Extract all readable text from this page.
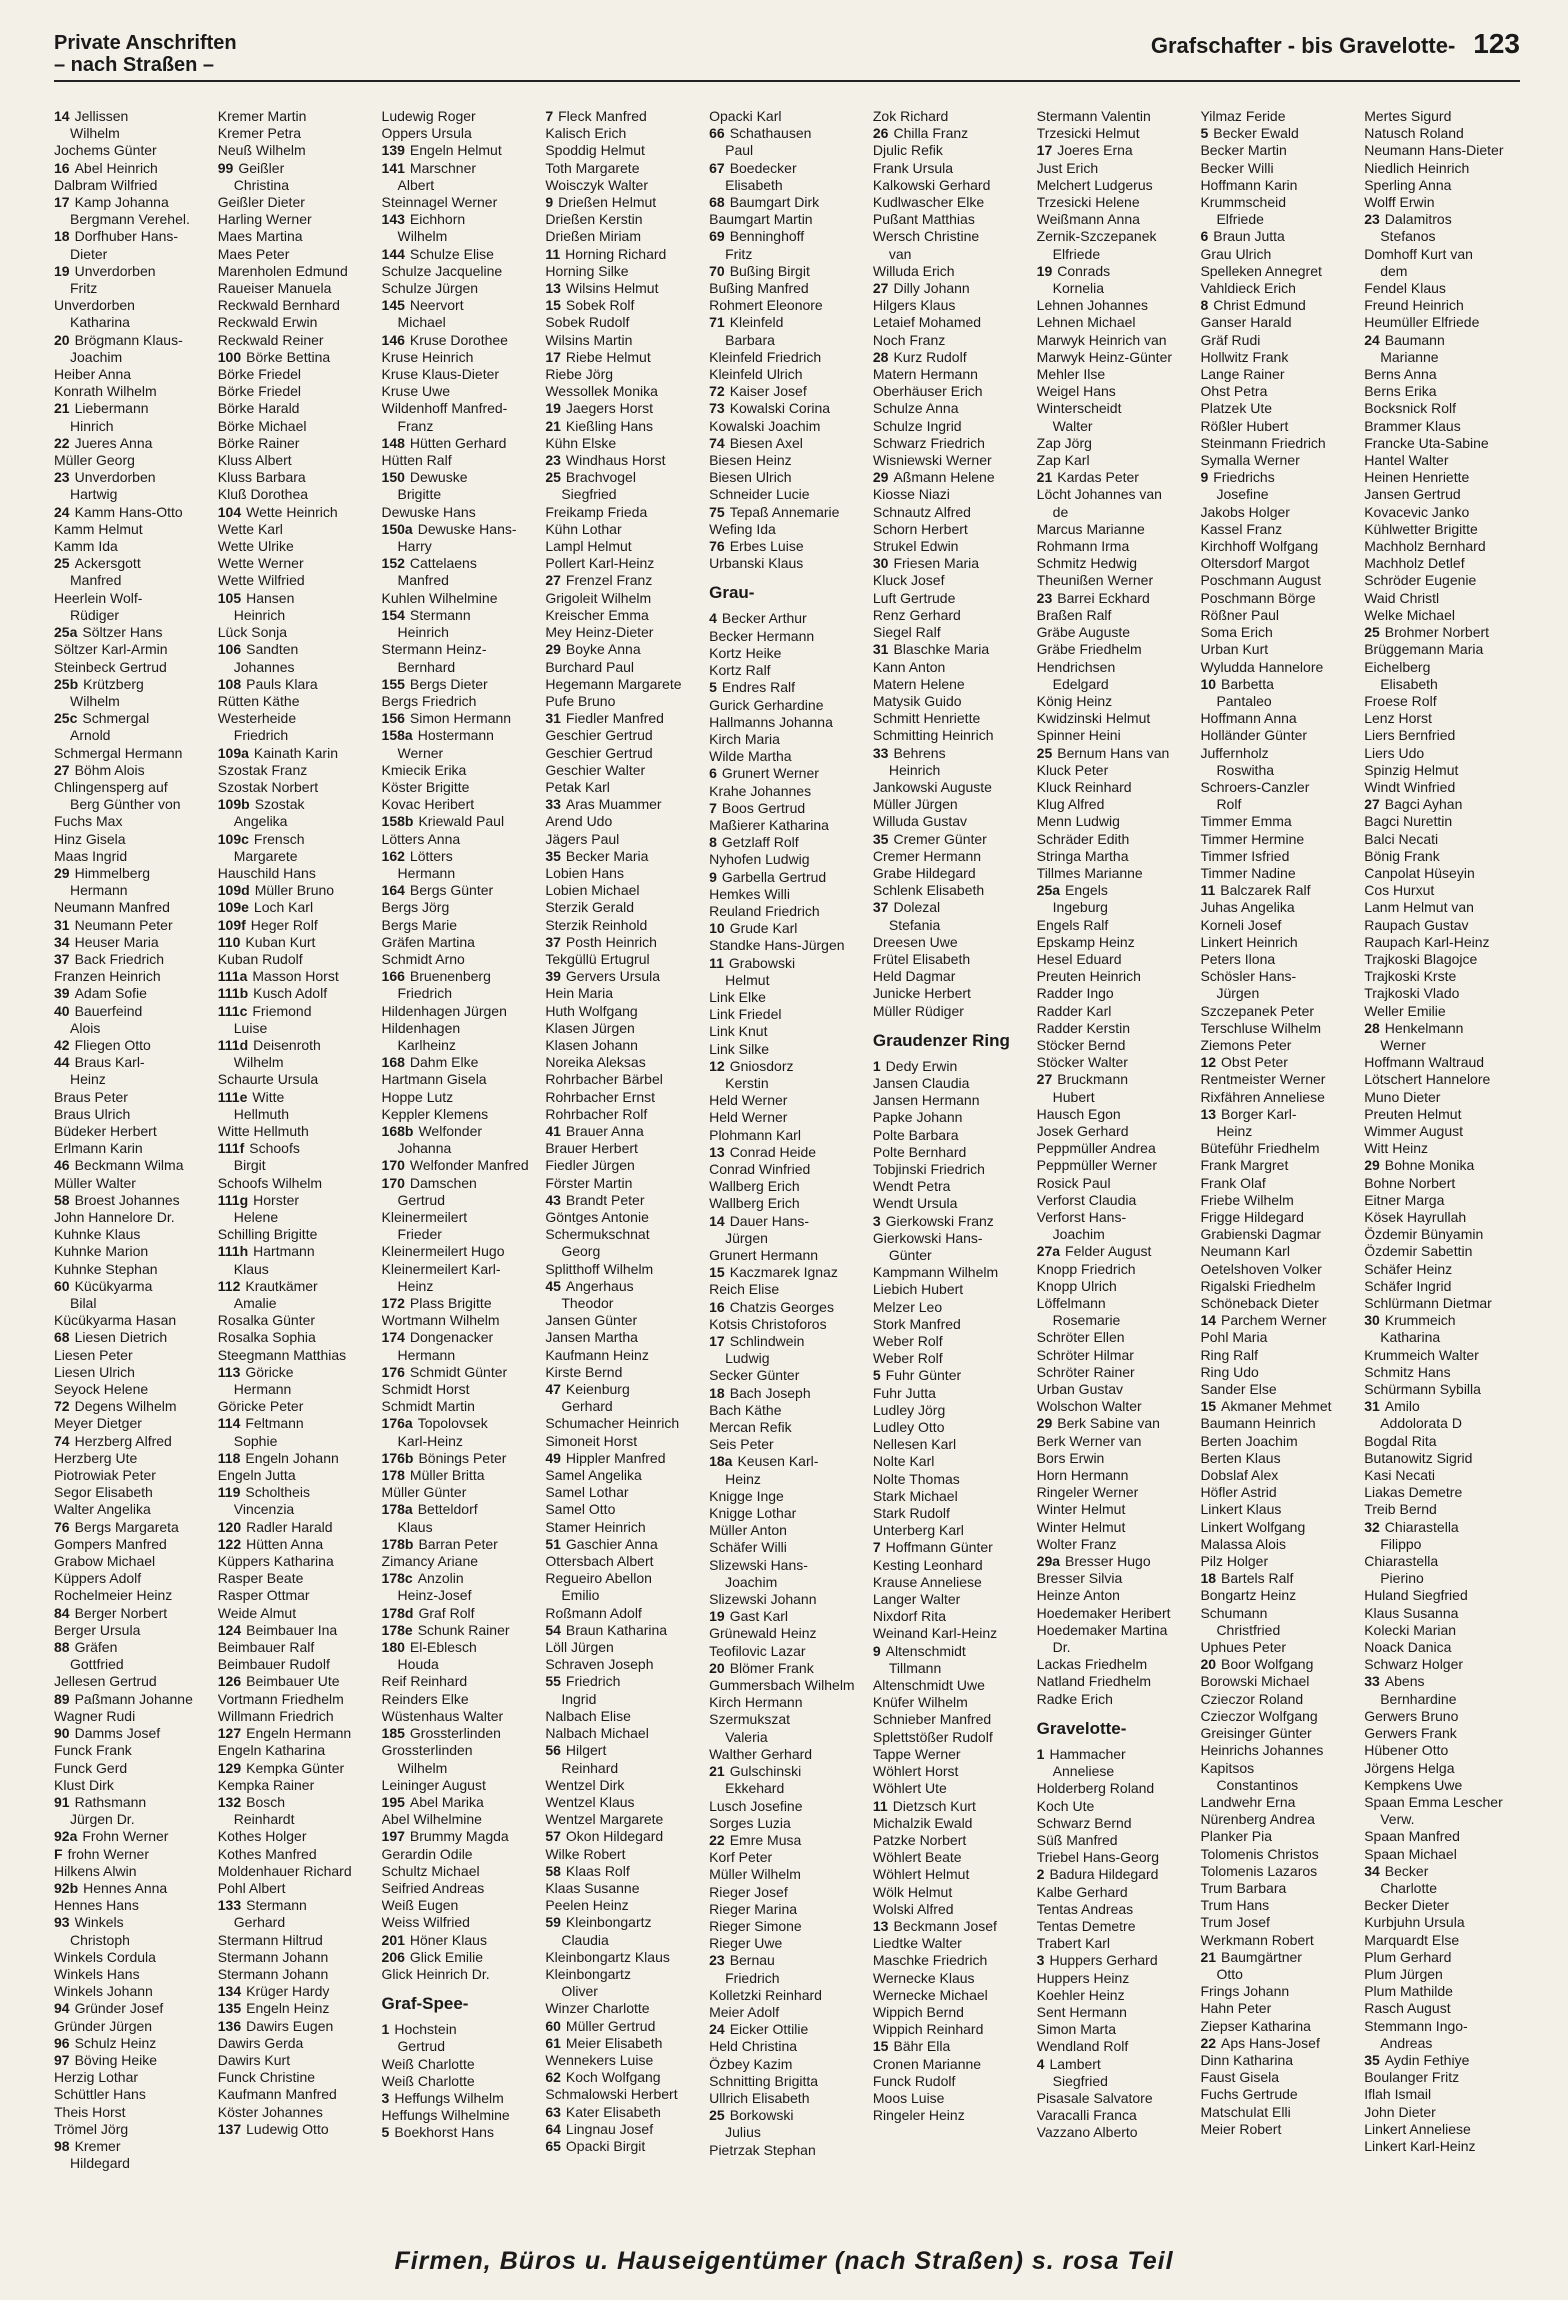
Private Anschriften
– nach Straßen –
Grafschafter - bis Gravelotte- 123
14 Jellissen
Wilhelm
Jochems Günter
16 Abel Heinrich
Dalbram Wilfried
17 Kamp Johanna
Bergmann Verehel.
18 Dorfhuber Hans-
Dieter
19 Unverdorben
Fritz
Unverdorben
Katharina
20 Brögmann Klaus-
Joachim
Heiber Anna
Konrath Wilhelm
21 Liebermann
Hinrich
22 Jueres Anna
Müller Georg
23 Unverdorben
Hartwig
24 Kamm Hans-Otto
Kamm Helmut
Kamm Ida
25 Ackersgott
Manfred
Heerlein Wolf-
Rüdiger
25a Söltzer Hans
Söltzer Karl-Armin
Steinbeck Gertrud
25b Krützberg
Wilhelm
25c Schmergal
Arnold
Schmergal Hermann
27 Böhm Alois
Chlingensperg auf
Berg Günther von
Fuchs Max
Hinz Gisela
Maas Ingrid
29 Himmelberg
Hermann
Neumann Manfred
31 Neumann Peter
34 Heuser Maria
37 Back Friedrich
Franzen Heinrich
39 Adam Sofie
40 Bauerfeind
Alois
42 Fliegen Otto
44 Braus Karl-
Heinz
Braus Peter
Braus Ulrich
Büdeker Herbert
Erlmann Karin
46 Beckmann Wilma
Müller Walter
58 Broest Johannes
John Hannelore Dr.
Kuhnke Klaus
Kuhnke Marion
Kuhnke Stephan
60 Kücükyarma
Bilal
Kücükyarma Hasan
68 Liesen Dietrich
Liesen Peter
Liesen Ulrich
Seyock Helene
72 Degens Wilhelm
Meyer Dietger
74 Herzberg Alfred
Herzberg Ute
Piotrowiak Peter
Segor Elisabeth
Walter Angelika
76 Bergs Margareta
Gompers Manfred
Grabow Michael
Küppers Adolf
Rochelmeier Heinz
84 Berger Norbert
Berger Ursula
88 Gräfen
Gottfried
Jellesen Gertrud
89 Paßmann Johanne
Wagner Rudi
90 Damms Josef
Funck Frank
Funck Gerd
Klust Dirk
91 Rathsmann
Jürgen Dr.
92a Frohn Werner
F frohn Werner
Hilkens Alwin
92b Hennes Anna
Hennes Hans
93 Winkels
Christoph
Winkels Cordula
Winkels Hans
Winkels Johann
94 Gründer Josef
Gründer Jürgen
96 Schulz Heinz
97 Böving Heike
Herzig Lothar
Schüttler Hans
Theis Horst
Trömel Jörg
98 Kremer
Hildegard
Kremer Martin
Kremer Petra
Neuß Wilhelm
99 Geißler
Christina
Geißler Dieter
Harling Werner
Maes Martina
Maes Peter
Marenholen Edmund
Raueiser Manuela
Reckwald Bernhard
Reckwald Erwin
Reckwald Reiner
100 Börke Bettina
Börke Friedel
Börke Friedel
Börke Harald
Börke Michael
Börke Rainer
Kluss Albert
Kluss Barbara
Kluß Dorothea
104 Wette Heinrich
Wette Karl
Wette Ulrike
Wette Werner
Wette Wilfried
105 Hansen
Heinrich
Lück Sonja
106 Sandten
Johannes
108 Pauls Klara
Rütten Käthe
Westerheide
Friedrich
109a Kainath Karin
Szostak Franz
Szostak Norbert
109b Szostak
Angelika
109c Frensch
Margarete
Hauschild Hans
109d Müller Bruno
109e Loch Karl
109f Heger Rolf
110 Kuban Kurt
Kuban Rudolf
111a Masson Horst
111b Kusch Adolf
111c Friemond
Luise
111d Deisenroth
Wilhelm
Schaurte Ursula
111e Witte
Hellmuth
Witte Hellmuth
111f Schoofs
Birgit
Schoofs Wilhelm
111g Horster
Helene
Schilling Brigitte
111h Hartmann
Klaus
112 Krautkämer
Amalie
Rosalka Günter
Rosalka Sophia
Steegmann Matthias
113 Göricke
Hermann
Göricke Peter
114 Feltmann
Sophie
118 Engeln Johann
Engeln Jutta
119 Scholtheis
Vincenzia
120 Radler Harald
122 Hütten Anna
Küppers Katharina
Rasper Beate
Rasper Ottmar
Weide Almut
124 Beimbauer Ina
Beimbauer Ralf
Beimbauer Rudolf
126 Beimbauer Ute
Vortmann Friedhelm
Willmann Friedrich
127 Engeln Hermann
Engeln Katharina
129 Kempka Günter
Kempka Rainer
132 Bosch
Reinhardt
Kothes Holger
Kothes Manfred
Moldenhauer Richard
Pohl Albert
133 Stermann
Gerhard
Stermann Hiltrud
Stermann Johann
Stermann Johann
134 Krüger Hardy
135 Engeln Heinz
136 Dawirs Eugen
Dawirs Gerda
Dawirs Kurt
Funck Christine
Kaufmann Manfred
Köster Johannes
137 Ludewig Otto
Ludewig Roger
Oppers Ursula
139 Engeln Helmut
141 Marschner
Albert
Steinnagel Werner
143 Eichhorn
Wilhelm
144 Schulze Elise
Schulze Jacqueline
Schulze Jürgen
145 Neervort
Michael
146 Kruse Dorothee
Kruse Heinrich
Kruse Klaus-Dieter
Kruse Uwe
Wildenhoff Manfred-
Franz
148 Hütten Gerhard
Hütten Ralf
150 Dewuske
Brigitte
Dewuske Hans
150a Dewuske Hans-
Harry
152 Cattelaens
Manfred
Kuhlen Wilhelmine
154 Stermann
Heinrich
Stermann Heinz-
Bernhard
155 Bergs Dieter
Bergs Friedrich
156 Simon Hermann
158a Hostermann
Werner
Kmiecik Erika
Köster Brigitte
Kovac Heribert
158b Kriewald Paul
Lötters Anna
162 Lötters
Hermann
164 Bergs Günter
Bergs Jörg
Bergs Marie
Gräfen Martina
Schmidt Arno
166 Bruenenberg
Friedrich
Hildenhagen Jürgen
Hildenhagen
Karlheinz
168 Dahm Elke
Hartmann Gisela
Hoppe Lutz
Keppler Klemens
168b Welfonder
Johanna
170 Welfonder Manfred
170 Damschen
Gertrud
Kleinermeilert
Frieder
Kleinermeilert Hugo
Kleinermeilert Karl-
Heinz
172 Plass Brigitte
Wortmann Wilhelm
174 Dongenacker
Hermann
176 Schmidt Günter
Schmidt Horst
Schmidt Martin
176a Topolovsek
Karl-Heinz
176b Bönings Peter
178 Müller Britta
Müller Günter
178a Betteldorf
Klaus
178b Barran Peter
Zimancy Ariane
178c Anzolin
Heinz-Josef
178d Graf Rolf
178e Schunk Rainer
180 El-Eblesch
Houda
Reif Reinhard
Reinders Elke
Wüstenhaus Walter
185 Grossterlinden
Grossterlinden
Wilhelm
Leininger August
195 Abel Marika
Abel Wilhelmine
197 Brummy Magda
Gerardin Odile
Schultz Michael
Seifried Andreas
Weiß Eugen
Weiss Wilfried
201 Höner Klaus
206 Glick Emilie
Glick Heinrich Dr.
Graf-Spee-
1 Hochstein
Gertrud
Weiß Charlotte
Weiß Charlotte
3 Heffungs Wilhelm
Heffungs Wilhelmine
5 Boekhorst Hans
7 Fleck Manfred
Kalisch Erich
Spoddig Helmut
Toth Margarete
Woisczyk Walter
9 Drießen Helmut
Drießen Kerstin
Drießen Miriam
11 Horning Richard
Horning Silke
13 Wilsins Helmut
15 Sobek Rolf
Sobek Rudolf
Wilsins Martin
17 Riebe Helmut
Riebe Jörg
Wessollek Monika
19 Jaegers Horst
21 Kießling Hans
Kühn Elske
23 Windhaus Horst
25 Brachvogel
Siegfried
Freikamp Frieda
Kühn Lothar
Lampl Helmut
Pollert Karl-Heinz
27 Frenzel Franz
Grigoleit Wilhelm
Kreischer Emma
Mey Heinz-Dieter
29 Boyke Anna
Burchard Paul
Hegemann Margarete
Pufe Bruno
31 Fiedler Manfred
Geschier Gertrud
Geschier Gertrud
Geschier Walter
Petak Karl
33 Aras Muammer
Arend Udo
Jägers Paul
35 Becker Maria
Lobien Hans
Lobien Michael
Sterzik Gerald
Sterzik Reinhold
37 Posth Heinrich
Tekgüllü Ertugrul
39 Gervers Ursula
Hein Maria
Huth Wolfgang
Klasen Jürgen
Klasen Johann
Noreika Aleksas
Rohrbacher Bärbel
Rohrbacher Ernst
Rohrbacher Rolf
41 Brauer Anna
Brauer Herbert
Fiedler Jürgen
Förster Martin
43 Brandt Peter
Göntges Antonie
Schermukschnat
Georg
Splitthoff Wilhelm
45 Angerhaus
Theodor
Jansen Günter
Jansen Martha
Kaufmann Heinz
Kirste Bernd
47 Keienburg
Gerhard
Schumacher Heinrich
Simoneit Horst
49 Hippler Manfred
Samel Angelika
Samel Lothar
Samel Otto
Stamer Heinrich
51 Gaschier Anna
Ottersbach Albert
Regueiro Abellon
Emilio
Roßmann Adolf
54 Braun Katharina
Löll Jürgen
Schraven Joseph
55 Friedrich
Ingrid
Nalbach Elise
Nalbach Michael
56 Hilgert
Reinhard
Wentzel Dirk
Wentzel Klaus
Wentzel Margarete
57 Okon Hildegard
Wilke Robert
58 Klaas Rolf
Klaas Susanne
Peelen Heinz
59 Kleinbongartz
Claudia
Kleinbongartz Klaus
Kleinbongartz
Oliver
Winzer Charlotte
60 Müller Gertrud
61 Meier Elisabeth
Wennekers Luise
62 Koch Wolfgang
Schmalowski Herbert
63 Kater Elisabeth
64 Lingnau Josef
65 Opacki Birgit
Opacki Karl
66 Schathausen
Paul
67 Boedecker
Elisabeth
68 Baumgart Dirk
Baumgart Martin
69 Benninghoff
Fritz
70 Bußing Birgit
Bußing Manfred
Rohmert Eleonore
71 Kleinfeld
Barbara
Kleinfeld Friedrich
Kleinfeld Ulrich
72 Kaiser Josef
73 Kowalski Corina
Kowalski Joachim
74 Biesen Axel
Biesen Heinz
Biesen Ulrich
Schneider Lucie
75 Tepaß Annemarie
Wefing Ida
76 Erbes Luise
Urbanski Klaus
Grau-
4 Becker Arthur
Becker Hermann
Kortz Heike
Kortz Ralf
5 Endres Ralf
Gurick Gerhardine
Hallmanns Johanna
Kirch Maria
Wilde Martha
6 Grunert Werner
Krahe Johannes
7 Boos Gertrud
Maßierer Katharina
8 Getzlaff Rolf
Nyhofen Ludwig
9 Garbella Gertrud
Hemkes Willi
Reuland Friedrich
10 Grude Karl
Standke Hans-Jürgen
11 Grabowski
Helmut
Link Elke
Link Friedel
Link Knut
Link Silke
12 Gniosdorz
Kerstin
Held Werner
Held Werner
Plohmann Karl
13 Conrad Heide
Conrad Winfried
Wallberg Erich
Wallberg Erich
14 Dauer Hans-
Jürgen
Grunert Hermann
15 Kaczmarek Ignaz
Reich Elise
16 Chatzis Georges
Kotsis Christoforos
17 Schlindwein
Ludwig
Secker Günter
18 Bach Joseph
Bach Käthe
Mercan Refik
Seis Peter
18a Keusen Karl-
Heinz
Knigge Inge
Knigge Lothar
Müller Anton
Schäfer Willi
Slizewski Hans-
Joachim
Slizewski Johann
19 Gast Karl
Grünewald Heinz
Teofilovic Lazar
20 Blömer Frank
Gummersbach Wilhelm
Kirch Hermann
Szermukszat
Valeria
Walther Gerhard
21 Gulschinski
Ekkehard
Lusch Josefine
Sorges Luzia
22 Emre Musa
Korf Peter
Müller Wilhelm
Rieger Josef
Rieger Marina
Rieger Simone
Rieger Uwe
23 Bernau
Friedrich
Kolletzki Reinhard
Meier Adolf
24 Eicker Ottilie
Held Christina
Özbey Kazim
Schnitting Brigitta
Ullrich Elisabeth
25 Borkowski
Julius
Pietrzak Stephan
Zok Richard
26 Chilla Franz
Djulic Refik
Frank Ursula
Kalkowski Gerhard
Kudlwascher Elke
Pußant Matthias
Wersch Christine
van
Willuda Erich
27 Dilly Johann
Hilgers Klaus
Letaief Mohamed
Noch Franz
28 Kurz Rudolf
Matern Hermann
Oberhäuser Erich
Schulze Anna
Schulze Ingrid
Schwarz Friedrich
Wisniewski Werner
29 Aßmann Helene
Kiosse Niazi
Schnautz Alfred
Schorn Herbert
Strukel Edwin
30 Friesen Maria
Kluck Josef
Luft Gertrude
Renz Gerhard
Siegel Ralf
31 Blaschke Maria
Kann Anton
Matern Helene
Matysik Guido
Schmitt Henriette
Schmitting Heinrich
33 Behrens
Heinrich
Jankowski Auguste
Müller Jürgen
Willuda Gustav
35 Cremer Günter
Cremer Hermann
Grabe Hildegard
Schlenk Elisabeth
37 Dolezal
Stefania
Dreesen Uwe
Frütel Elisabeth
Held Dagmar
Junicke Herbert
Müller Rüdiger
Graudenzer Ring
1 Dedy Erwin
Jansen Claudia
Jansen Hermann
Papke Johann
Polte Barbara
Polte Bernhard
Tobjinski Friedrich
Wendt Petra
Wendt Ursula
3 Gierkowski Franz
Gierkowski Hans-
Günter
Kampmann Wilhelm
Liebich Hubert
Melzer Leo
Stork Manfred
Weber Rolf
Weber Rolf
5 Fuhr Günter
Fuhr Jutta
Ludley Jörg
Ludley Otto
Nellesen Karl
Nolte Karl
Nolte Thomas
Stark Michael
Stark Rudolf
Unterberg Karl
7 Hoffmann Günter
Kesting Leonhard
Krause Anneliese
Langer Walter
Nixdorf Rita
Weinand Karl-Heinz
9 Altenschmidt
Tillmann
Altenschmidt Uwe
Knüfer Wilhelm
Schnieber Manfred
Splettstößer Rudolf
Tappe Werner
Wöhlert Horst
Wöhlert Ute
11 Dietzsch Kurt
Michalzik Ewald
Patzke Norbert
Wöhlert Beate
Wöhlert Helmut
Wölk Helmut
Wolski Alfred
13 Beckmann Josef
Liedtke Walter
Maschke Friedrich
Wernecke Klaus
Wernecke Michael
Wippich Bernd
Wippich Reinhard
15 Bähr Ella
Cronen Marianne
Funck Rudolf
Moos Luise
Ringeler Heinz
Stermann Valentin
Trzesicki Helmut
17 Joeres Erna
Just Erich
Melchert Ludgerus
Trzesicki Helene
Weißmann Anna
Zernik-Szczepanek
Elfriede
19 Conrads
Kornelia
Lehnen Johannes
Lehnen Michael
Marwyk Heinrich van
Marwyk Heinz-Günter
Mehler Ilse
Weigel Hans
Winterscheidt
Walter
Zap Jörg
Zap Karl
21 Kardas Peter
Löcht Johannes van
de
Marcus Marianne
Rohmann Irma
Schmitz Hedwig
Theunißen Werner
23 Barrei Eckhard
Braßen Ralf
Gräbe Auguste
Gräbe Friedhelm
Hendrichsen
Edelgard
König Heinz
Kwidzinski Helmut
Spinner Heini
25 Bernum Hans van
Kluck Peter
Kluck Reinhard
Klug Alfred
Menn Ludwig
Schräder Edith
Stringa Martha
Tillmes Marianne
25a Engels
Ingeburg
Engels Ralf
Epskamp Heinz
Hesel Eduard
Preuten Heinrich
Radder Ingo
Radder Karl
Radder Kerstin
Stöcker Bernd
Stöcker Walter
27 Bruckmann
Hubert
Hausch Egon
Josek Gerhard
Peppmüller Andrea
Peppmüller Werner
Rosick Paul
Verforst Claudia
Verforst Hans-
Joachim
27a Felder August
Knopp Friedrich
Knopp Ulrich
Löffelmann
Rosemarie
Schröter Ellen
Schröter Hilmar
Schröter Rainer
Urban Gustav
Wolschon Walter
29 Berk Sabine van
Berk Werner van
Bors Erwin
Horn Hermann
Ringeler Werner
Winter Helmut
Winter Helmut
Wolter Franz
29a Bresser Hugo
Bresser Silvia
Heinze Anton
Hoedemaker Heribert
Hoedemaker Martina
Dr.
Lackas Friedhelm
Natland Friedhelm
Radke Erich
Gravelotte-
1 Hammacher
Anneliese
Holderberg Roland
Koch Ute
Schwarz Bernd
Süß Manfred
Triebel Hans-Georg
2 Badura Hildegard
Kalbe Gerhard
Tentas Andreas
Tentas Demetre
Trabert Karl
3 Huppers Gerhard
Huppers Heinz
Koehler Heinz
Sent Hermann
Simon Marta
Wendland Rolf
4 Lambert
Siegfried
Pisasale Salvatore
Varacalli Franca
Vazzano Alberto
Yilmaz Feride
5 Becker Ewald
Becker Martin
Becker Willi
Hoffmann Karin
Krummscheid
Elfriede
6 Braun Jutta
Grau Ulrich
Spelleken Annegret
Vahldieck Erich
8 Christ Edmund
Ganser Harald
Gräf Rudi
Hollwitz Frank
Lange Rainer
Ohst Petra
Platzek Ute
Rößler Hubert
Steinmann Friedrich
Symalla Werner
9 Friedrichs
Josefine
Jakobs Holger
Kassel Franz
Kirchhoff Wolfgang
Oltersdorf Margot
Poschmann August
Poschmann Börge
Rößner Paul
Soma Erich
Urban Kurt
Wyludda Hannelore
10 Barbetta
Pantaleo
Hoffmann Anna
Holländer Günter
Juffernholz
Roswitha
Schroers-Canzler
Rolf
Timmer Emma
Timmer Hermine
Timmer Isfried
Timmer Nadine
11 Balczarek Ralf
Juhas Angelika
Korneli Josef
Linkert Heinrich
Peters Ilona
Schösler Hans-
Jürgen
Szczepanek Peter
Terschluse Wilhelm
Ziemons Peter
12 Obst Peter
Rentmeister Werner
Rixfähren Anneliese
13 Borger Karl-
Heinz
Büteführ Friedhelm
Frank Margret
Frank Olaf
Friebe Wilhelm
Frigge Hildegard
Grabienski Dagmar
Neumann Karl
Oetelshoven Volker
Rigalski Friedhelm
Schöneback Dieter
14 Parchem Werner
Pohl Maria
Ring Ralf
Ring Udo
Sander Else
15 Akmaner Mehmet
Baumann Heinrich
Berten Joachim
Berten Klaus
Dobslaf Alex
Höfler Astrid
Linkert Klaus
Linkert Wolfgang
Malassa Alois
Pilz Holger
18 Bartels Ralf
Bongartz Heinz
Schumann
Christfried
Uphues Peter
20 Boor Wolfgang
Borowski Michael
Czieczor Roland
Czieczor Wolfgang
Greisinger Günter
Heinrichs Johannes
Kapitsos
Constantinos
Landwehr Erna
Nürenberg Andrea
Planker Pia
Tolomenis Christos
Tolomenis Lazaros
Trum Barbara
Trum Hans
Trum Josef
Werkmann Robert
21 Baumgärtner
Otto
Frings Johann
Hahn Peter
Ziepser Katharina
22 Aps Hans-Josef
Dinn Katharina
Faust Gisela
Fuchs Gertrude
Matschulat Elli
Meier Robert
Mertes Sigurd
Natusch Roland
Neumann Hans-Dieter
Niedlich Heinrich
Sperling Anna
Wolff Erwin
23 Dalamitros
Stefanos
Domhoff Kurt van
dem
Fendel Klaus
Freund Heinrich
Heumüller Elfriede
24 Baumann
Marianne
Berns Anna
Berns Erika
Bocksnick Rolf
Brammer Klaus
Francke Uta-Sabine
Hantel Walter
Heinen Henriette
Jansen Gertrud
Kovacevic Janko
Kühlwetter Brigitte
Machholz Bernhard
Machholz Detlef
Schröder Eugenie
Waid Christl
Welke Michael
25 Brohmer Norbert
Brüggemann Maria
Eichelberg
Elisabeth
Froese Rolf
Lenz Horst
Liers Bernfried
Liers Udo
Spinzig Helmut
Windt Winfried
27 Bagci Ayhan
Bagci Nurettin
Balci Necati
Bönig Frank
Canpolat Hüseyin
Cos Hurxut
Lanm Helmut van
Raupach Gustav
Raupach Karl-Heinz
Trajkoski Blagojce
Trajkoski Krste
Trajkoski Vlado
Weller Emilie
28 Henkelmann
Werner
Hoffmann Waltraud
Lötschert Hannelore
Muno Dieter
Preuten Helmut
Wimmer August
Witt Heinz
29 Bohne Monika
Bohne Norbert
Eitner Marga
Kösek Hayrullah
Özdemir Bünyamin
Özdemir Sabettin
Schäfer Heinz
Schäfer Ingrid
Schlürmann Dietmar
30 Krummeich
Katharina
Krummeich Walter
Schmitz Hans
Schürmann Sybilla
31 Amilo
Addolorata D
Bogdal Rita
Butanowitz Sigrid
Kasi Necati
Liakas Demetre
Treib Bernd
32 Chiarastella
Filippo
Chiarastella
Pierino
Huland Siegfried
Klaus Susanna
Kolecki Marian
Noack Danica
Schwarz Holger
33 Abens
Bernhardine
Gerwers Bruno
Gerwers Frank
Hübener Otto
Jörgens Helga
Kempkens Uwe
Spaan Emma Lescher
Verw.
Spaan Manfred
Spaan Michael
34 Becker
Charlotte
Becker Dieter
Kurbjuhn Ursula
Marquardt Else
Plum Gerhard
Plum Jürgen
Plum Mathilde
Rasch August
Stemmann Ingo-
Andreas
35 Aydin Fethiye
Boulanger Fritz
Iflah Ismail
John Dieter
Linkert Anneliese
Linkert Karl-Heinz
Firmen, Büros u. Hauseigentümer (nach Straßen) s. rosa Teil
